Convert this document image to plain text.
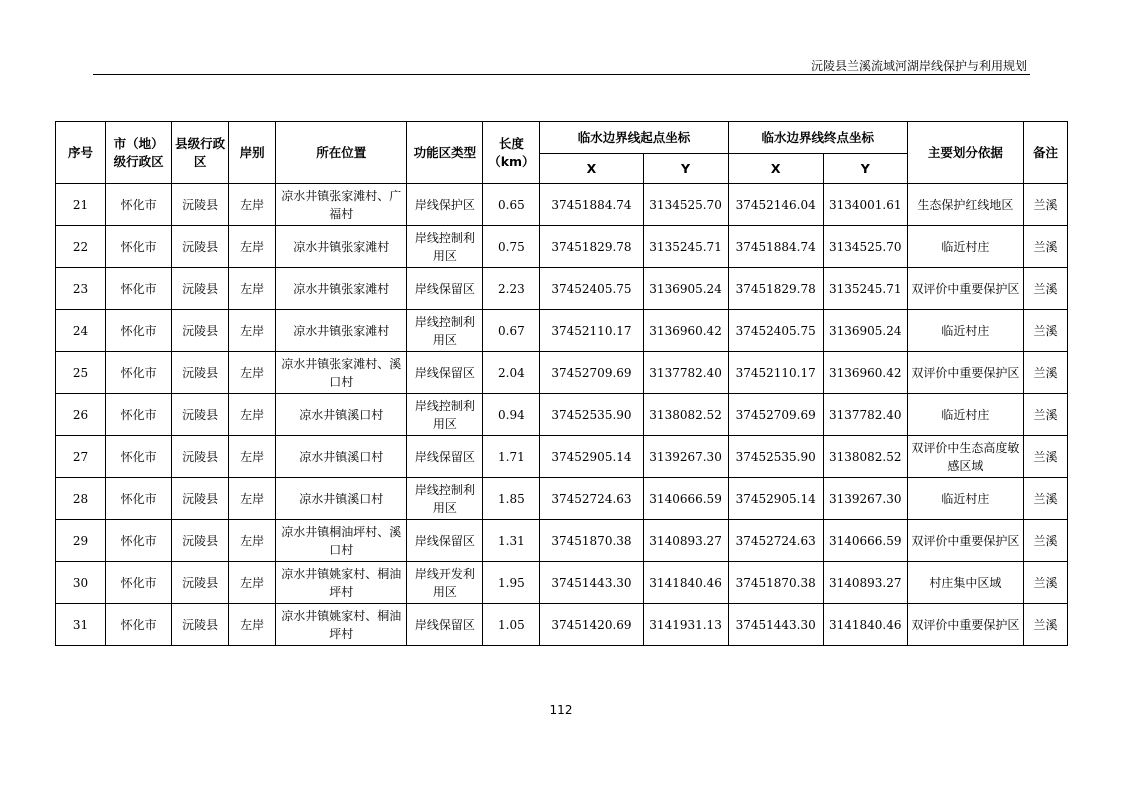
沅陵县兰溪流域河湖岸线保护与利用规划
序号	市（地）级行政区	县级行政区	岸别	所在位置	功能区类型	长度（km）	临水边界线起点坐标		临水边界线终点坐标		主要划分依据	备注
							X	Y	X	Y		
21	怀化市	沅陵县	左岸	凉水井镇张家滩村、广福村	岸线保护区	0.65	37451884.74	3134525.70	37452146.04	3134001.61	生态保护红线地区	兰溪
22	怀化市	沅陵县	左岸	凉水井镇张家滩村	岸线控制利用区	0.75	37451829.78	3135245.71	37451884.74	3134525.70	临近村庄	兰溪
23	怀化市	沅陵县	左岸	凉水井镇张家滩村	岸线保留区	2.23	37452405.75	3136905.24	37451829.78	3135245.71	双评价中重要保护区	兰溪
24	怀化市	沅陵县	左岸	凉水井镇张家滩村	岸线控制利用区	0.67	37452110.17	3136960.42	37452405.75	3136905.24	临近村庄	兰溪
25	怀化市	沅陵县	左岸	凉水井镇张家滩村、溪口村	岸线保留区	2.04	37452709.69	3137782.40	37452110.17	3136960.42	双评价中重要保护区	兰溪
26	怀化市	沅陵县	左岸	凉水井镇溪口村	岸线控制利用区	0.94	37452535.90	3138082.52	37452709.69	3137782.40	临近村庄	兰溪
27	怀化市	沅陵县	左岸	凉水井镇溪口村	岸线保留区	1.71	37452905.14	3139267.30	37452535.90	3138082.52	双评价中生态高度敏感区域	兰溪
28	怀化市	沅陵县	左岸	凉水井镇溪口村	岸线控制利用区	1.85	37452724.63	3140666.59	37452905.14	3139267.30	临近村庄	兰溪
29	怀化市	沅陵县	左岸	凉水井镇桐油坪村、溪口村	岸线保留区	1.31	37451870.38	3140893.27	37452724.63	3140666.59	双评价中重要保护区	兰溪
30	怀化市	沅陵县	左岸	凉水井镇姚家村、桐油坪村	岸线开发利用区	1.95	37451443.30	3141840.46	37451870.38	3140893.27	村庄集中区域	兰溪
31	怀化市	沅陵县	左岸	凉水井镇姚家村、桐油坪村	岸线保留区	1.05	37451420.69	3141931.13	37451443.30	3141840.46	双评价中重要保护区	兰溪
112
